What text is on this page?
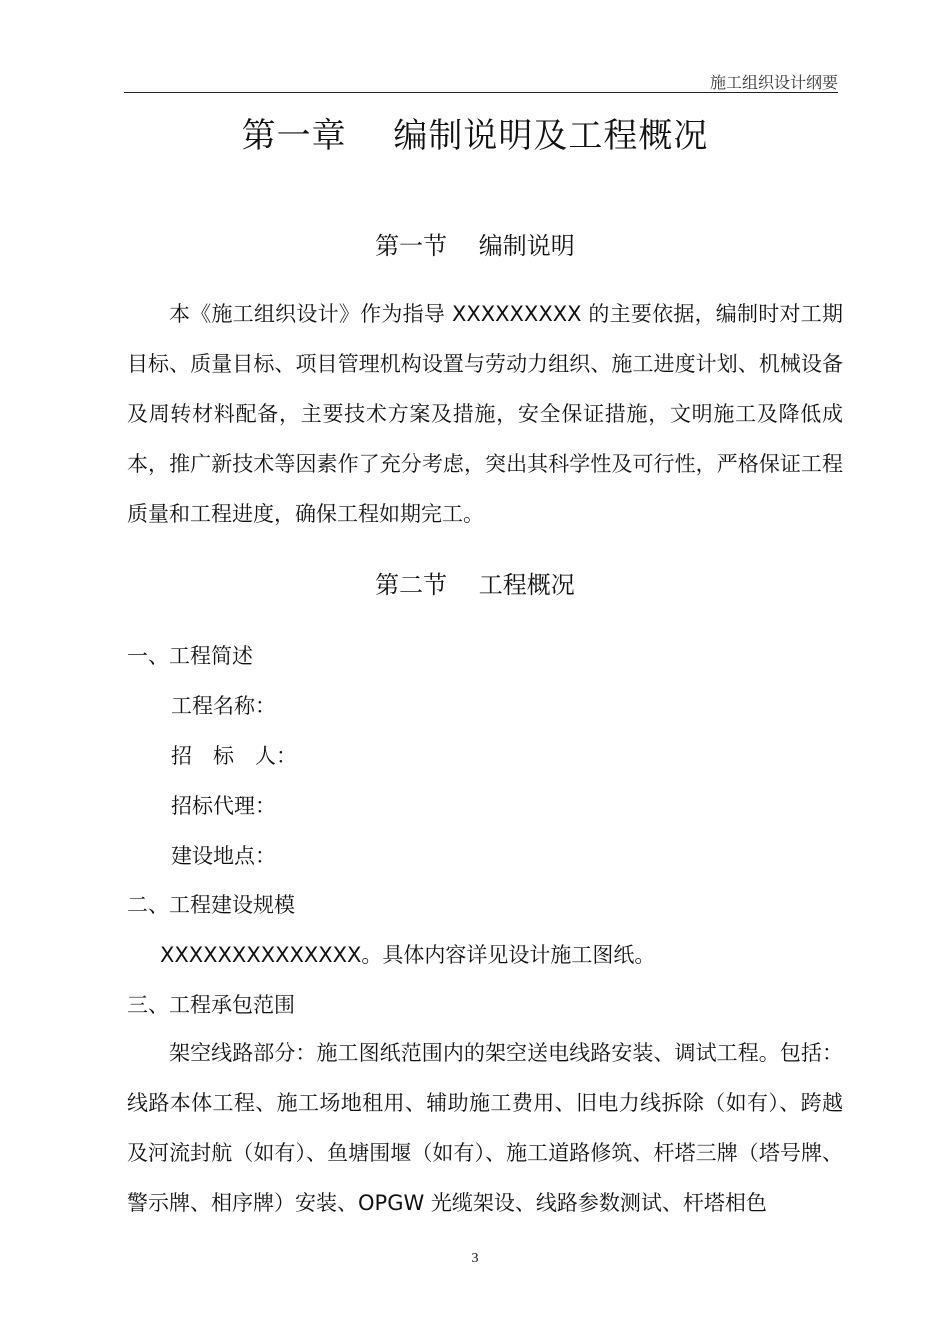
施工组织设计纲要
第一章　 编制说明及工程概况
第一节　 编制说明

本《施工组织设计》作为指导 XXXXXXXXX 的主要依据，编制时对工期目标、质量目标、项目管理机构设置与劳动力组织、施工进度计划、机械设备及周转材料配备，主要技术方案及措施，安全保证措施，文明施工及降低成本，推广新技术等因素作了充分考虑，突出其科学性及可行性，严格保证工程质量和工程进度，确保工程如期完工。

第二节　 工程概况

一、工程简述

工程名称：

招　标　人：

招标代理：

建设地点：

二、工程建设规模

XXXXXXXXXXXXXX。具体内容详见设计施工图纸。

三、工程承包范围

架空线路部分：施工图纸范围内的架空送电线路安装、调试工程。包括：线路本体工程、施工场地租用、辅助施工费用、旧电力线拆除（如有）、跨越及河流封航（如有）、鱼塘围堰（如有）、施工道路修筑、杆塔三牌（塔号牌、警示牌、相序牌）安装、OPGW 光缆架设、线路参数测试、杆塔相色

3
